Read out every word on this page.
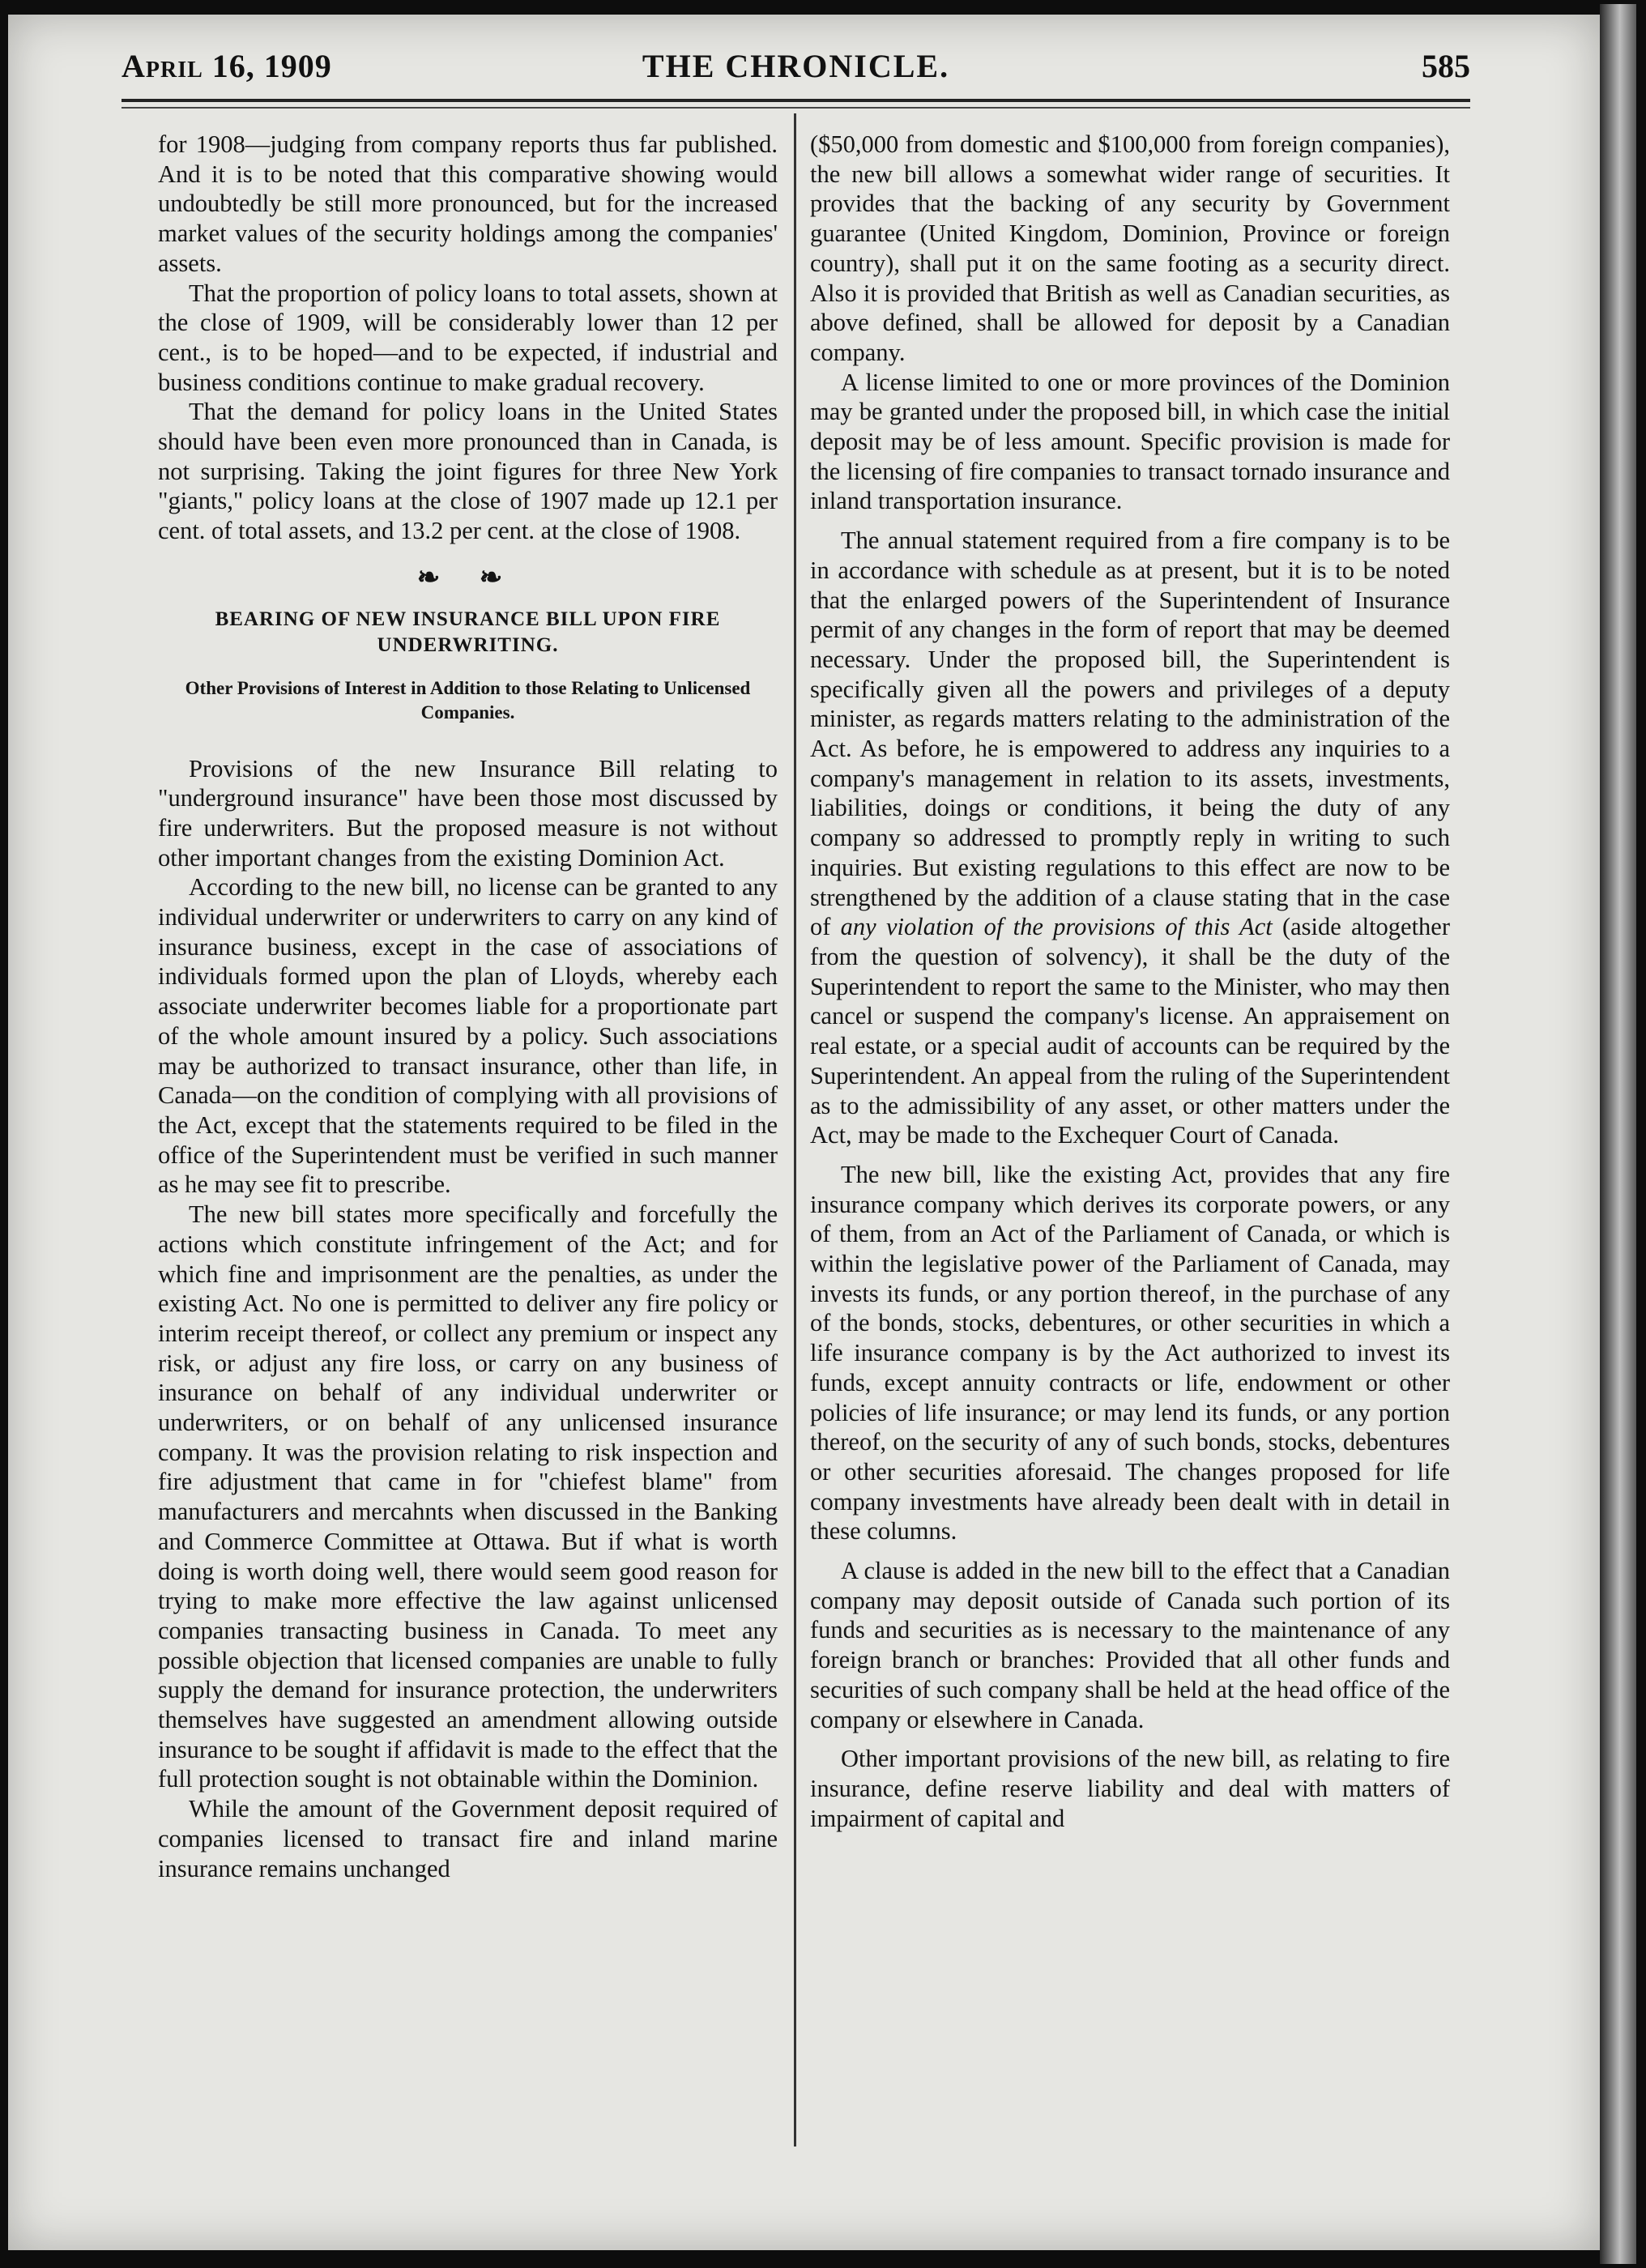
April 16, 1909	THE CHRONICLE.	585

for 1908—judging from company reports thus far published. And it is to be noted that this comparative showing would undoubtedly be still more pronounced, but for the increased market values of the security holdings among the companies' assets.

That the proportion of policy loans to total assets, shown at the close of 1909, will be considerably lower than 12 per cent., is to be hoped—and to be expected, if industrial and business conditions continue to make gradual recovery.

That the demand for policy loans in the United States should have been even more pronounced than in Canada, is not surprising. Taking the joint figures for three New York "giants," policy loans at the close of 1907 made up 12.1 per cent. of total assets, and 13.2 per cent. at the close of 1908.

❧ ❧
BEARING OF NEW INSURANCE BILL UPON FIRE UNDERWRITING.
Other Provisions of Interest in Addition to those Relating to Unlicensed Companies.

Provisions of the new Insurance Bill relating to "underground insurance" have been those most discussed by fire underwriters. But the proposed measure is not without other important changes from the existing Dominion Act.

According to the new bill, no license can be granted to any individual underwriter or underwriters to carry on any kind of insurance business, except in the case of associations of individuals formed upon the plan of Lloyds, whereby each associate underwriter becomes liable for a proportionate part of the whole amount insured by a policy. Such associations may be authorized to transact insurance, other than life, in Canada—on the condition of complying with all provisions of the Act, except that the statements required to be filed in the office of the Superintendent must be verified in such manner as he may see fit to prescribe.

The new bill states more specifically and forcefully the actions which constitute infringement of the Act; and for which fine and imprisonment are the penalties, as under the existing Act. No one is permitted to deliver any fire policy or interim receipt thereof, or collect any premium or inspect any risk, or adjust any fire loss, or carry on any business of insurance on behalf of any individual underwriter or underwriters, or on behalf of any unlicensed insurance company. It was the provision relating to risk inspection and fire adjustment that came in for "chiefest blame" from manufacturers and mercahnts when discussed in the Banking and Commerce Committee at Ottawa. But if what is worth doing is worth doing well, there would seem good reason for trying to make more effective the law against unlicensed companies transacting business in Canada. To meet any possible objection that licensed companies are unable to fully supply the demand for insurance protection, the underwriters themselves have suggested an amendment allowing outside insurance to be sought if affidavit is made to the effect that the full protection sought is not obtainable within the Dominion.

While the amount of the Government deposit required of companies licensed to transact fire and inland marine insurance remains unchanged

($50,000 from domestic and $100,000 from foreign companies), the new bill allows a somewhat wider range of securities. It provides that the backing of any security by Government guarantee (United Kingdom, Dominion, Province or foreign country), shall put it on the same footing as a security direct. Also it is provided that British as well as Canadian securities, as above defined, shall be allowed for deposit by a Canadian company.

A license limited to one or more provinces of the Dominion may be granted under the proposed bill, in which case the initial deposit may be of less amount. Specific provision is made for the licensing of fire companies to transact tornado insurance and inland transportation insurance.

The annual statement required from a fire company is to be in accordance with schedule as at present, but it is to be noted that the enlarged powers of the Superintendent of Insurance permit of any changes in the form of report that may be deemed necessary. Under the proposed bill, the Superintendent is specifically given all the powers and privileges of a deputy minister, as regards matters relating to the administration of the Act. As before, he is empowered to address any inquiries to a company's management in relation to its assets, investments, liabilities, doings or conditions, it being the duty of any company so addressed to promptly reply in writing to such inquiries. But existing regulations to this effect are now to be strengthened by the addition of a clause stating that in the case of any violation of the provisions of this Act (aside altogether from the question of solvency), it shall be the duty of the Superintendent to report the same to the Minister, who may then cancel or suspend the company's license. An appraisement on real estate, or a special audit of accounts can be required by the Superintendent. An appeal from the ruling of the Superintendent as to the admissibility of any asset, or other matters under the Act, may be made to the Exchequer Court of Canada.

The new bill, like the existing Act, provides that any fire insurance company which derives its corporate powers, or any of them, from an Act of the Parliament of Canada, or which is within the legislative power of the Parliament of Canada, may invests its funds, or any portion thereof, in the purchase of any of the bonds, stocks, debentures, or other securities in which a life insurance company is by the Act authorized to invest its funds, except annuity contracts or life, endowment or other policies of life insurance; or may lend its funds, or any portion thereof, on the security of any of such bonds, stocks, debentures or other securities aforesaid. The changes proposed for life company investments have already been dealt with in detail in these columns.

A clause is added in the new bill to the effect that a Canadian company may deposit outside of Canada such portion of its funds and securities as is necessary to the maintenance of any foreign branch or branches: Provided that all other funds and securities of such company shall be held at the head office of the company or elsewhere in Canada.

Other important provisions of the new bill, as relating to fire insurance, define reserve liability and deal with matters of impairment of capital and
